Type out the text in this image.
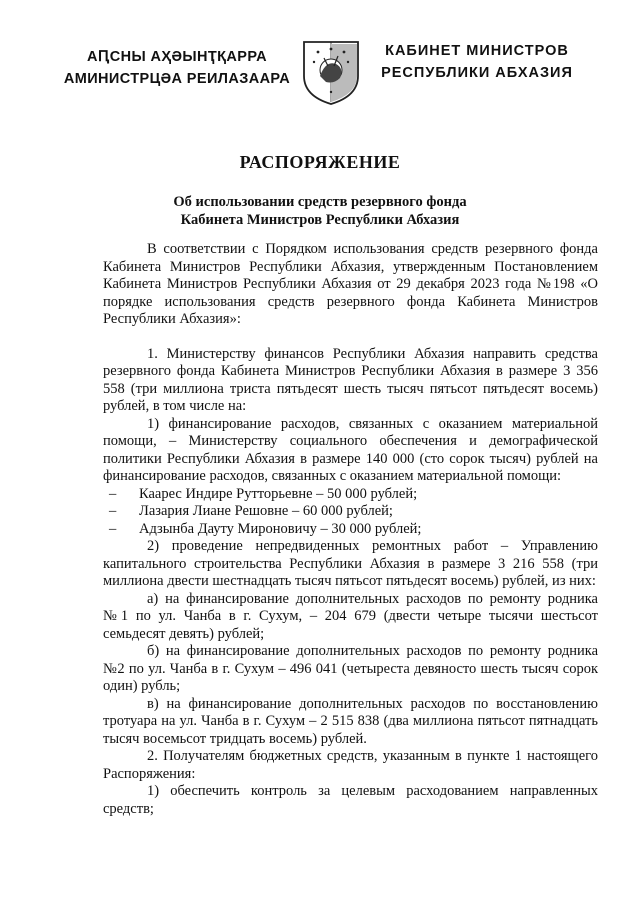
АԤСНЫ АҲӘЫНҬҚАРРА
АМИНИСТРЦӘА РЕИЛАЗААРА
КАБИНЕТ МИНИСТРОВ
РЕСПУБЛИКИ АБХАЗИЯ
РАСПОРЯЖЕНИЕ
Об использовании средств резервного фонда
Кабинета Министров Республики Абхазия

В соответствии с Порядком использования средств резервного фонда Кабинета Министров Республики Абхазия, утвержденным Постановлением Кабинета Министров Республики Абхазия от 29 декабря 2023 года №198 «О порядке использования средств резервного фонда Кабинета Министров Республики Абхазия»:

1. Министерству финансов Республики Абхазия направить средства резервного фонда Кабинета Министров Республики Абхазия в размере 3 356 558 (три миллиона триста пятьдесят шесть тысяч пятьсот пятьдесят восемь) рублей, в том числе на:

1) финансирование расходов, связанных с оказанием материальной помощи, – Министерству социального обеспечения и демографической политики Республики Абхазия в размере 140 000 (сто сорок тысяч) рублей на финансирование расходов, связанных с оказанием материальной помощи:

– Каарес Индире Рутторьевне – 50 000 рублей;

– Лазария Лиане Решовне – 60 000 рублей;

– Адзынба Дауту Мироновичу – 30 000 рублей;

2) проведение непредвиденных ремонтных работ – Управлению капитального строительства Республики Абхазия в размере 3 216 558 (три миллиона двести шестнадцать тысяч пятьсот пятьдесят восемь) рублей, из них:

а) на финансирование дополнительных расходов по ремонту родника №1 по ул. Чанба в г. Сухум, – 204 679 (двести четыре тысячи шестьсот семьдесят девять) рублей;

б) на финансирование дополнительных расходов по ремонту родника №2 по ул. Чанба в г. Сухум – 496 041 (четыреста девяносто шесть тысяч сорок один) рубль;

в) на финансирование дополнительных расходов по восстановлению тротуара на ул. Чанба в г. Сухум – 2 515 838 (два миллиона пятьсот пятнадцать тысяч восемьсот тридцать восемь) рублей.

2. Получателям бюджетных средств, указанным в пункте 1 настоящего Распоряжения:

1) обеспечить контроль за целевым расходованием направленных средств;
